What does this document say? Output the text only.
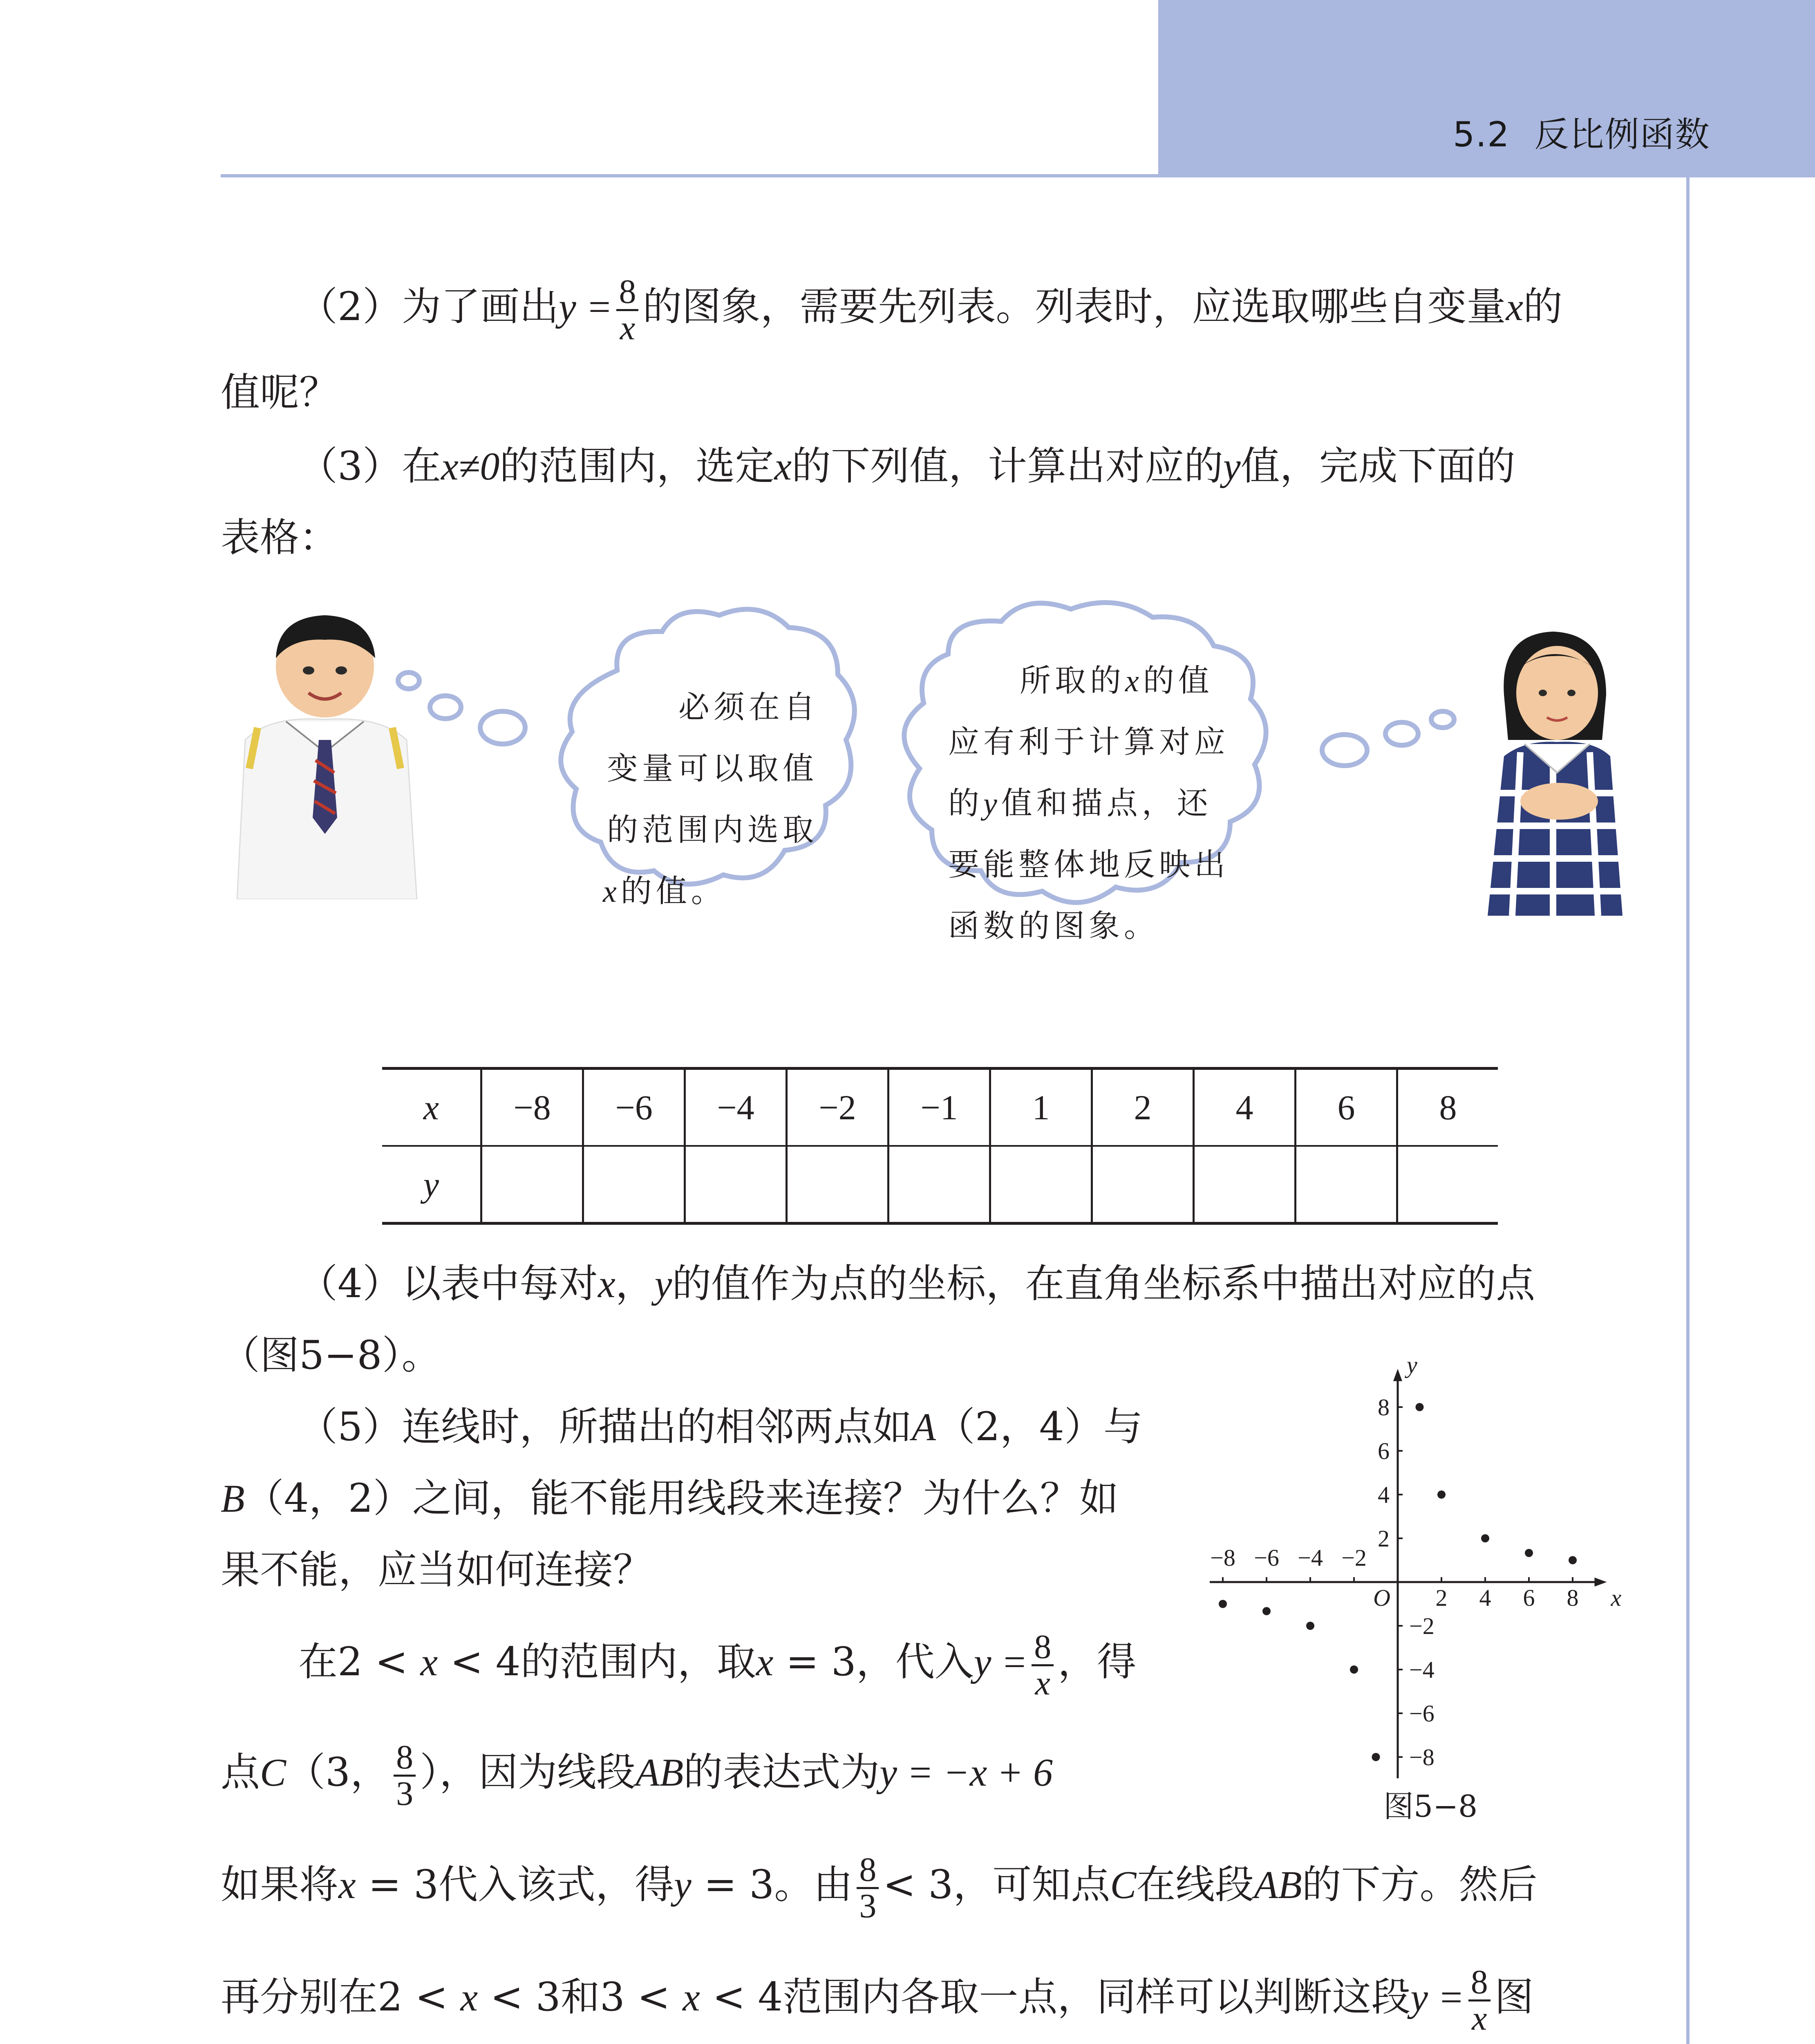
5.2 反比例函数
（2）为了画出$y = \frac{8}{x}$ 的图象，需要先列表。列表时，应选取哪些自变量x的
值呢？
（3）在x≠0的范围内，选定x的下列值，计算出对应的y值，完成下面的
表格：
必须在自
变量可以取值
的范围内选取
x的值。
所取的x的值
应有利于计算对应
的y值和描点，还
要能整体地反映出
函数的图象。
x	−8	−6	−4	−2	−1	1	2	4	6	8
y										
（4）以表中每对x，y的值作为点的坐标，在直角坐标系中描出对应的点
（图5−8）。
（5）连线时，所描出的相邻两点如A（2，4）与
B（4，2）之间，能不能用线段来连接？为什么？如
果不能，应当如何连接？
在2 < x < 4的范围内，取x = 3，代入$y = \frac{8}{x}$ ，得
点C（3， $\frac{8}{3}$ ），因为线段AB的表达式为y = −x + 6
如果将x = 3代入该式，得y = 3。由 $\frac{8}{3} < 3$，可知点C在线段AB的下方。然后
再分别在2 < x < 3和3 < x < 4范围内各取一点，同样可以判断这段$y = \frac{8}{x}$ 图
−8 −6 −4 −2
2 4 6 8
8
6
4
2
−2
−4
−6
−8
x
y
O
图5−8
